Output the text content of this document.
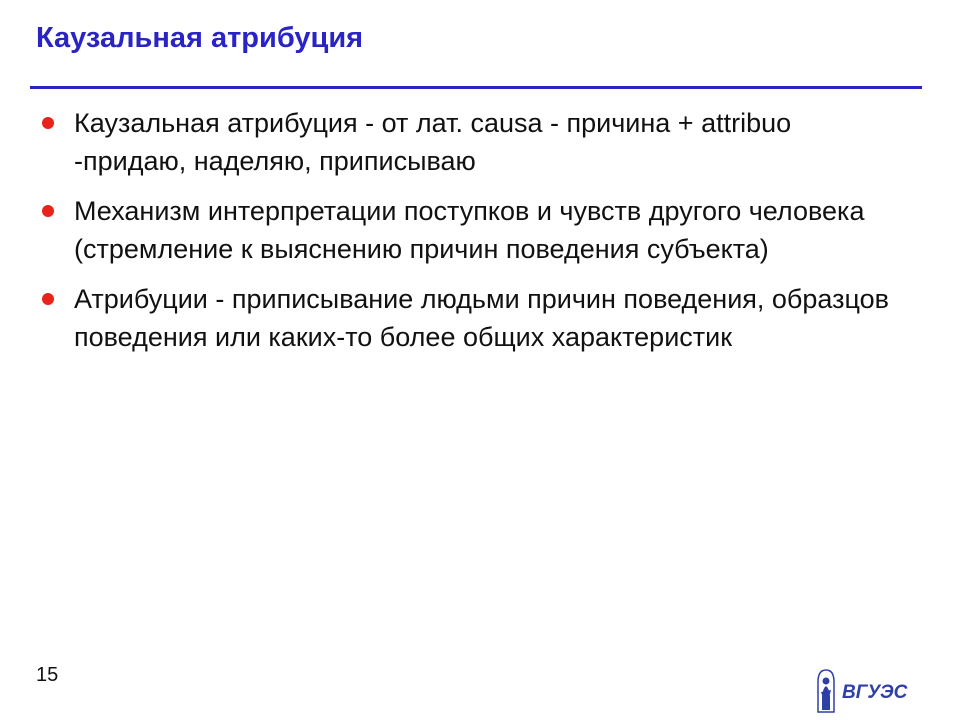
Каузальная атрибуция
Каузальная атрибуция - от лат. causa - причина + attribuo -придаю, наделяю, приписываю
Механизм интерпретации поступков и чувств другого человека (стремление к выяснению причин поведения субъекта)
Атрибуции - приписывание людьми причин поведения, образцов поведения или каких-то более общих характеристик
15
ВГУЭС
